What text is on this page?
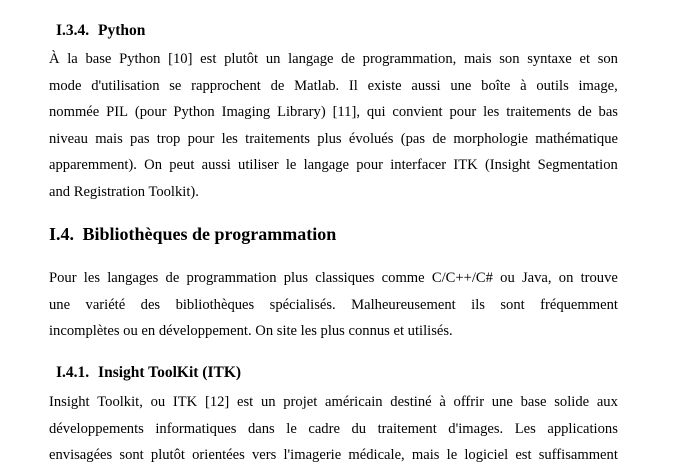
I.3.4. Python
À la base Python [10] est plutôt un langage de programmation, mais son syntaxe et son
mode d'utilisation se rapprochent de Matlab. Il existe aussi une boîte à outils image,
nommée PIL (pour Python Imaging Library) [11], qui convient pour les traitements de bas
niveau mais pas trop pour les traitements plus évolués (pas de morphologie mathématique
apparemment). On peut aussi utiliser le langage pour interfacer ITK (Insight Segmentation
and Registration Toolkit).
I.4. Bibliothèques de programmation
Pour les langages de programmation plus classiques comme C/C++/C# ou Java, on trouve
une variété des bibliothèques spécialisés. Malheureusement ils sont fréquemment
incomplètes ou en développement. On site les plus connus et utilisés.
I.4.1. Insight ToolKit (ITK)
Insight Toolkit, ou ITK [12] est un projet américain destiné à offrir une base solide aux
développements informatiques dans le cadre du traitement d'images. Les applications
envisagées sont plutôt orientées vers l'imagerie médicale, mais le logiciel est suffisamment
